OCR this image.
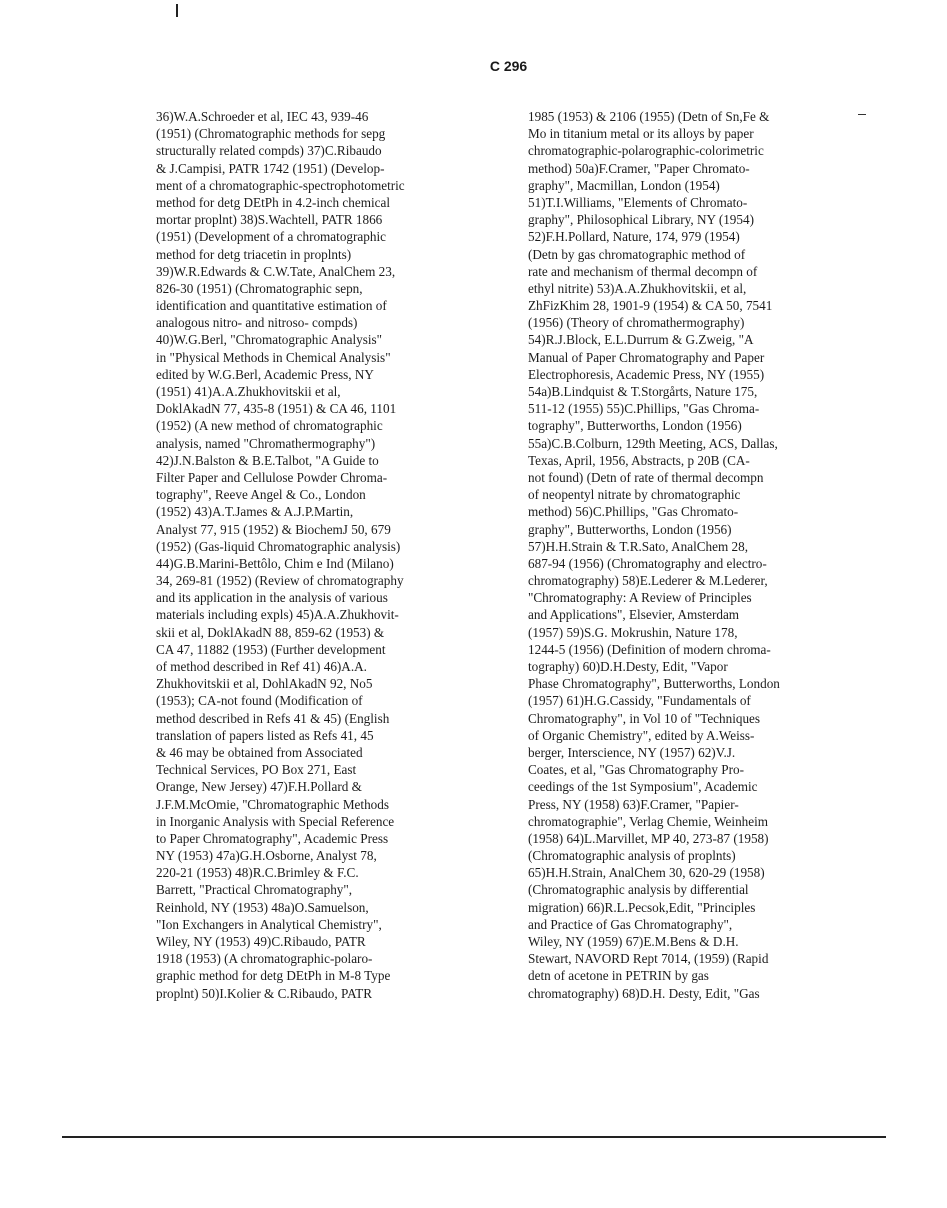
C 296
36)W.A.Schroeder et al, IEC 43, 939-46
(1951) (Chromatographic methods for sepg
structurally related compds) 37)C.Ribaudo
& J.Campisi, PATR 1742 (1951) (Develop-
ment of a chromatographic-spectrophotometric
method for detg DEtPh in 4.2-inch chemical
mortar proplnt) 38)S.Wachtell, PATR 1866
(1951) (Development of a chromatographic
method for detg triacetin in proplnts)
39)W.R.Edwards & C.W.Tate, AnalChem 23,
826-30 (1951) (Chromatographic sepn,
identification and quantitative estimation of
analogous nitro- and nitroso- compds)
40)W.G.Berl, "Chromatographic Analysis"
in "Physical Methods in Chemical Analysis"
edited by W.G.Berl, Academic Press, NY
(1951) 41)A.A.Zhukhovitskii et al,
DoklAkadN 77, 435-8 (1951) & CA 46, 1101
(1952) (A new method of chromatographic
analysis, named "Chromathermography")
42)J.N.Balston & B.E.Talbot, "A Guide to
Filter Paper and Cellulose Powder Chroma-
tography", Reeve Angel & Co., London
(1952) 43)A.T.James & A.J.P.Martin,
Analyst 77, 915 (1952) & BiochemJ 50, 679
(1952) (Gas-liquid Chromatographic analysis)
44)G.B.Marini-Bettôlo, Chim e Ind (Milano)
34, 269-81 (1952) (Review of chromatography
and its application in the analysis of various
materials including expls) 45)A.A.Zhukhovit-
skii et al, DoklAkadN 88, 859-62 (1953) &
CA 47, 11882 (1953) (Further development
of method described in Ref 41) 46)A.A.
Zhukhovitskii et al, DohlAkadN 92, No5
(1953); CA-not found (Modification of
method described in Refs 41 & 45) (English
translation of papers listed as Refs 41, 45
& 46 may be obtained from Associated
Technical Services, PO Box 271, East
Orange, New Jersey) 47)F.H.Pollard &
J.F.M.McOmie, ''Chromatographic Methods
in Inorganic Analysis with Special Reference
to Paper Chromatography", Academic Press
NY (1953) 47a)G.H.Osborne, Analyst 78,
220-21 (1953) 48)R.C.Brimley & F.C.
Barrett, "Practical Chromatography",
Reinhold, NY (1953) 48a)O.Samuelson,
"Ion Exchangers in Analytical Chemistry",
Wiley, NY (1953) 49)C.Ribaudo, PATR
1918 (1953) (A chromatographic-polaro-
graphic method for detg DEtPh in M-8 Type
proplnt) 50)I.Kolier & C.Ribaudo, PATR
1985 (1953) & 2106 (1955) (Detn of Sn,Fe &
Mo in titanium metal or its alloys by paper
chromatographic-polarographic-colorimetric
method) 50a)F.Cramer, "Paper Chromato-
graphy", Macmillan, London (1954)
51)T.I.Williams, "Elements of Chromato-
graphy", Philosophical Library, NY (1954)
52)F.H.Pollard, Nature, 174, 979 (1954)
(Detn by gas chromatographic method of
rate and mechanism of thermal decompn of
ethyl nitrite) 53)A.A.Zhukhovitskii, et al,
ZhFizKhim 28, 1901-9 (1954) & CA 50, 7541
(1956) (Theory of chromathermography)
54)R.J.Block, E.L.Durrum & G.Zweig, "A
Manual of Paper Chromatography and Paper
Electrophoresis, Academic Press, NY (1955)
54a)B.Lindquist & T.Storgårts, Nature 175,
511-12 (1955) 55)C.Phillips, "Gas Chroma-
tography", Butterworths, London (1956)
55a)C.B.Colburn, 129th Meeting, ACS, Dallas,
Texas, April, 1956, Abstracts, p 20B (CA-
not found) (Detn of rate of thermal decompn
of neopentyl nitrate by chromatographic
method) 56)C.Phillips, "Gas Chromato-
graphy", Butterworths, London (1956)
57)H.H.Strain & T.R.Sato, AnalChem 28,
687-94 (1956) (Chromatography and electro-
chromatography) 58)E.Lederer & M.Lederer,
"Chromatography: A Review of Principles
and Applications", Elsevier, Amsterdam
(1957) 59)S.G. Mokrushin, Nature 178,
1244-5 (1956) (Definition of modern chroma-
tography) 60)D.H.Desty, Edit, "Vapor
Phase Chromatography", Butterworths, London
(1957) 61)H.G.Cassidy, "Fundamentals of
Chromatography", in Vol 10 of "Techniques
of Organic Chemistry", edited by A.Weiss-
berger, Interscience, NY (1957) 62)V.J.
Coates, et al, "Gas Chromatography Pro-
ceedings of the 1st Symposium", Academic
Press, NY (1958) 63)F.Cramer, "Papier-
chromatographie", Verlag Chemie, Weinheim
(1958) 64)L.Marvillet, MP 40, 273-87 (1958)
(Chromatographic analysis of proplnts)
65)H.H.Strain, AnalChem 30, 620-29 (1958)
(Chromatographic analysis by differential
migration) 66)R.L.Pecsok,Edit, "Principles
and Practice of Gas Chromatography",
Wiley, NY (1959) 67)E.M.Bens & D.H.
Stewart, NAVORD Rept 7014, (1959) (Rapid
detn of acetone in PETRIN by gas
chromatography) 68)D.H. Desty, Edit, "Gas
